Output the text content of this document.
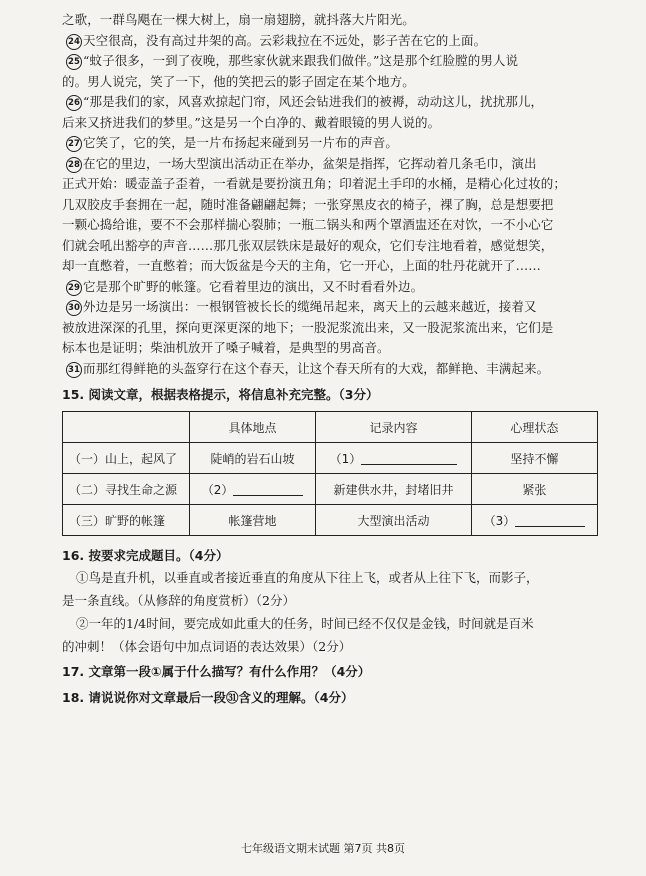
之歌，一群鸟飓在一棵大树上，扇一扇翅膀，就抖落大片阳光。
24 天空很高，没有高过井架的高。云彩栽拉在不远处，影子苦在它的上面。
25 “蚊子很多，一到了夜晚，那些家伙就来跟我们做伴。”这是那个红脸膛的男人说
的。男人说完，笑了一下，他的笑把云的影子固定在某个地方。
26 “那是我们的家，风喜欢掠起门帘，风还会钻进我们的被褥，动动这儿，扰扰那儿，
后来又挤进我们的梦里。”这是另一个白净的、戴着眼镜的男人说的。
27 它笑了，它的笑，是一片布扬起来碰到另一片布的声音。
28 在它的里边，一场大型演出活动正在举办，盆架是指挥，它挥动着几条毛巾，演出
正式开始：暖壶盖子歪着，一看就是要扮演丑角；印着泥土手印的水桶，是精心化过妆的；
几双胶皮手套拥在一起，随时准备翩翩起舞；一张穿黑皮衣的椅子，裸了胸，总是想要把
一颗心捣给谁，要不不会那样揣心裂肺；一瓶二锅头和两个罩酒盅还在对饮，一不小心它
们就会吼出豁亭的声音……那几张双层铁床是最好的观众，它们专注地看着，感觉想笑，
却一直憋着，一直憋着；而大饭盆是今天的主角，它一开心，上面的牡丹花就开了……
29 它是那个旷野的帐篷。它看着里边的演出，又不时看看外边。
30 外边是另一场演出：一根钢管被长长的缆绳吊起来，离天上的云越来越近，接着又
被放进深深的孔里，探向更深更深的地下；一股泥浆流出来，又一股泥浆流出来，它们是
标本也是证明；柴油机放开了嗓子喊着，是典型的男高音。
31 而那红得鲜艳的头盔穿行在这个春天，让这个春天所有的大戏，都鲜艳、丰满起来。
15. 阅读文章，根据表格提示，将信息补充完整。（3分）
	具体地点	记录内容	心理状态
（一）山上，起风了	陡峭的岩石山坡	（1）	坚持不懈
（二）寻找生命之源	（2）	新建供水井，封堵旧井	紧张
（三）旷野的帐篷	帐篷营地	大型演出活动	（3）
16. 按要求完成题目。（4分）
①鸟是直升机，以垂直或者接近垂直的角度从下往上飞，或者从上往下飞，而影子，
是一条直线。（从修辞的角度赏析）（2分）
②一年的1/4时间，要完成如此重大的任务，时间已经不仅仅是金钱，时间就是百米
的冲刺！（体会语句中加点词语的表达效果）（2分）
17. 文章第一段①属于什么描写？有什么作用？（4分）
18. 请说说你对文章最后一段㉛含义的理解。（4分）
七年级语文期末试题 第7页 共8页
